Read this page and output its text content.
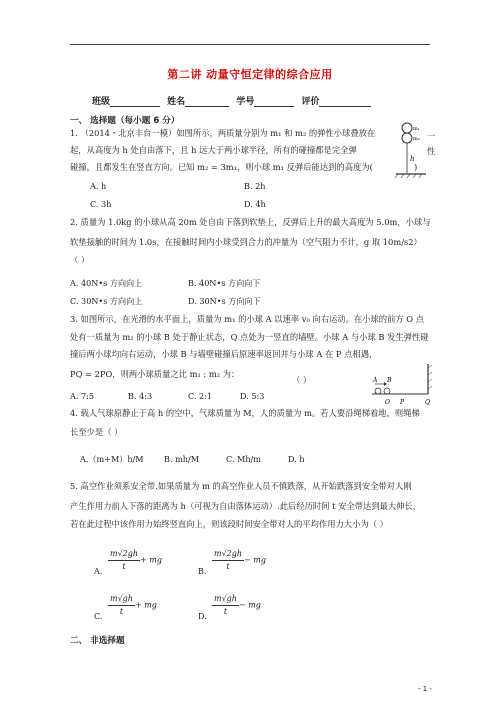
第二讲 动量守恒定律的综合应用
班级	姓名	学号	评价
一、 选择题（每小题 6 分）
1. （2014・北京丰台一模）如图所示，两质量分别为 m₁ 和 m₂ 的弹性小球叠放在
起，从高度为 h 处自由落下，且 h 远大于两小球半径，所有的碰撞都是完全弹
碰撞，且都发生在竖直方向。已知 m₂ = 3m₁，则小球 m₁ 反弹后能达到的高度为(
一
性
)
h
m₁
m₂
A. h	B. 2h
C. 3h	D. 4h
2. 质量为 1.0kg 的小球从高 20m 处自由下落到软垫上，反弹后上升的最大高度为 5.0m，小球与
软垫接触的时间为 1.0s，在接触时间内小球受到合力的冲量为（空气阻力不计，g 取 10m/s2）
（ ）
A. 40N•s 方向向上	B. 40N•s 方向向下
C. 30N•s 方向向上	D. 30N•s 方向向下
3. 如图所示，在光滑的水平面上，质量为 m₁ 的小球 A 以速率 v₀ 向右运动。在小球的前方 O 点
处有一质量为 m₂ 的小球 B 处于静止状态，Q 点处为一竖直的墙壁。小球 A 与小球 B 发生弹性碰
撞后两小球均向右运动，小球 B 与墙壁碰撞后原速率返回并与小球 A 在 P 点相遇，
PQ = 2PO，则两小球质量之比 m₁ : m₂ 为：
（ ）	A B
O P	Q
A. 7:5	B. 4:3	C. 2:1	D. 5:3
4. 载人气球原静止于高 h 的空中，气球质量为 M，人的质量为 m。若人要沿绳梯着地，则绳梯
长至少是（ ）
A.（m+M）h/M	B. mh/M	C. Mh/m	D. h
5. 高空作业须系安全带.如果质量为 m 的高空作业人员不慎跌落，从开始跌落到安全带对人刚
产生作用力前人下落的距离为 h（可视为自由落体运动）.此后经历时间 t 安全带达到最大伸长，
若在此过程中该作用力始终竖直向上，则该段时间安全带对人的平均作用力大小为（ ）
A. $\frac{m√2gh}{t}$ + mg
B. $\frac{m√2gh}{t}$ − mg
C. $\frac{m√gh}{t}$ + mg
D. $\frac{m√gh}{t}$ − mg
二、 非选择题
- 1 -
